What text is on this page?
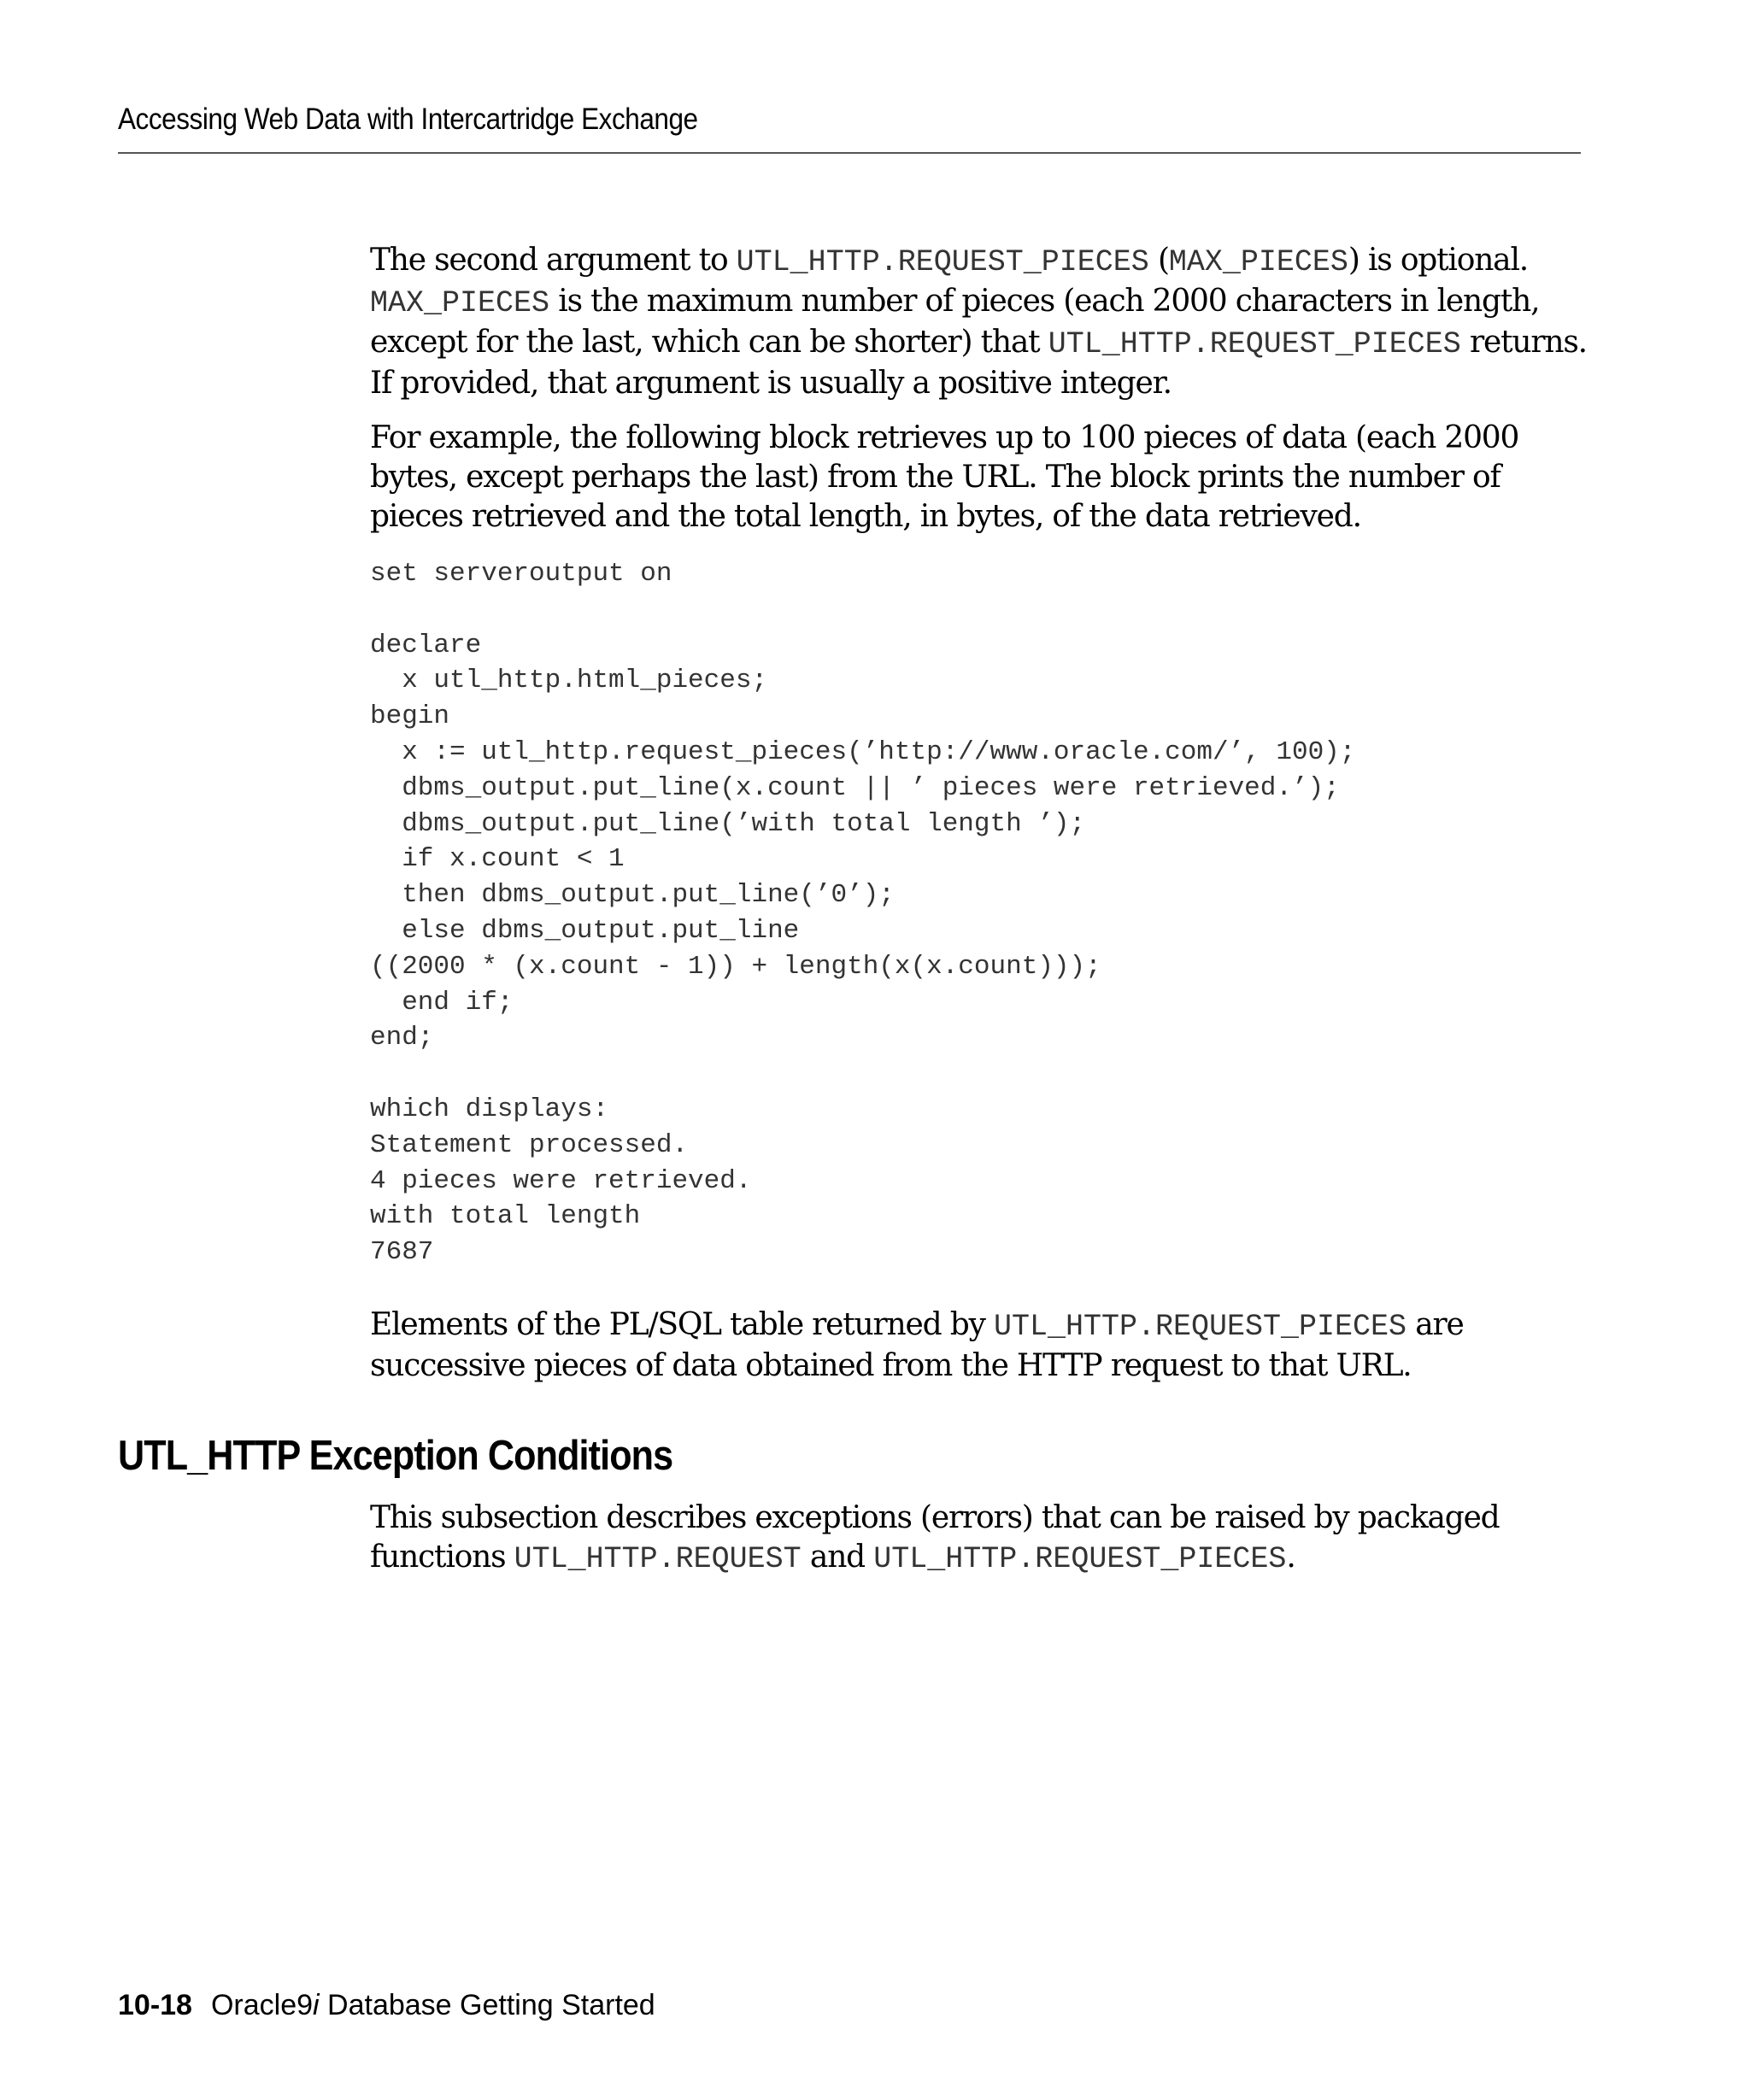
Accessing Web Data with Intercartridge Exchange

The second argument to UTL_HTTP.REQUEST_PIECES (MAX_PIECES) is optional. MAX_PIECES is the maximum number of pieces (each 2000 characters in length, except for the last, which can be shorter) that UTL_HTTP.REQUEST_PIECES returns. If provided, that argument is usually a positive integer.

For example, the following block retrieves up to 100 pieces of data (each 2000 bytes, except perhaps the last) from the URL. The block prints the number of pieces retrieved and the total length, in bytes, of the data retrieved.

set serveroutput on

declare
x utl_http.html_pieces;
begin
x := utl_http.request_pieces(’http://www.oracle.com/’, 100);
dbms_output.put_line(x.count || ’ pieces were retrieved.’);
dbms_output.put_line(’with total length ’);
if x.count < 1
then dbms_output.put_line(’0’);
else dbms_output.put_line
((2000 * (x.count - 1)) + length(x(x.count)));
end if;
end;

which displays:
Statement processed.
4 pieces were retrieved.
with total length
7687

Elements of the PL/SQL table returned by UTL_HTTP.REQUEST_PIECES are successive pieces of data obtained from the HTTP request to that URL.

UTL_HTTP Exception Conditions

This subsection describes exceptions (errors) that can be raised by packaged functions UTL_HTTP.REQUEST and UTL_HTTP.REQUEST_PIECES.

10-18 Oracle9i Database Getting Started
